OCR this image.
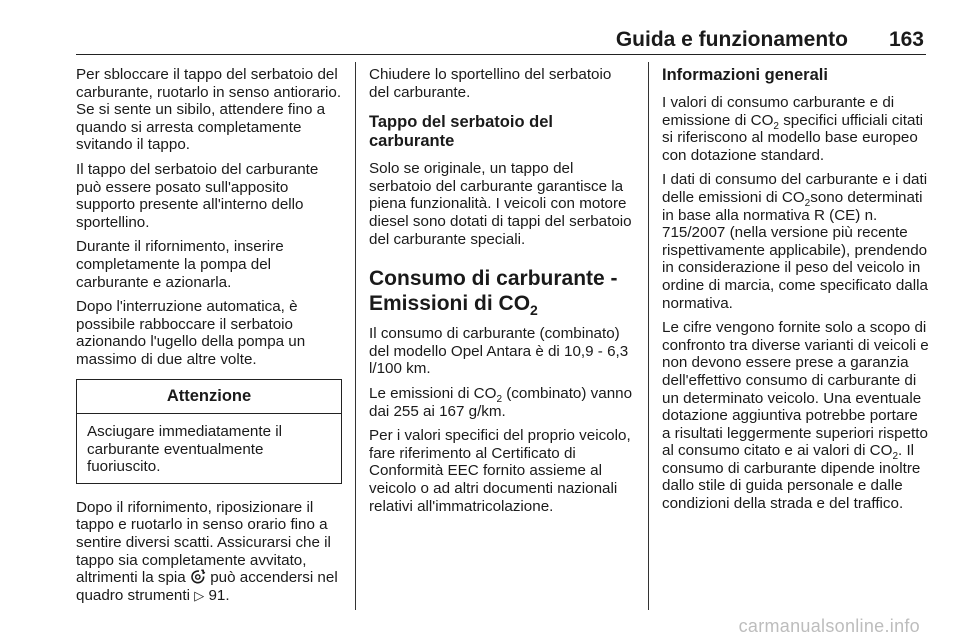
Guida e funzionamento 163

Per sbloccare il tappo del serbatoio del carburante, ruotarlo in senso antiorario. Se si sente un sibilo, attendere fino a quando si arresta completamente svitando il tappo.

Il tappo del serbatoio del carburante può essere posato sull'apposito supporto presente all'interno dello sportellino.

Durante il rifornimento, inserire completamente la pompa del carburante e azionarla.

Dopo l'interruzione automatica, è possibile rabboccare il serbatoio azionando l'ugello della pompa un massimo di due altre volte.

Attenzione
Asciugare immediatamente il carburante eventualmente fuoriuscito.

Dopo il rifornimento, riposizionare il tappo e ruotarlo in senso orario fino a sentire diversi scatti. Assicurarsi che il tappo sia completamente avvitato, altrimenti la spia può accendersi nel quadro strumenti ▷ 91.

Chiudere lo sportellino del serbatoio del carburante.

Tappo del serbatoio del carburante

Solo se originale, un tappo del serbatoio del carburante garantisce la piena funzionalità. I veicoli con motore diesel sono dotati di tappi del serbatoio del carburante speciali.

Consumo di carburante - Emissioni di $CO_2$

Il consumo di carburante (combinato) del modello Opel Antara è di 10,9 - 6,3 l/100 km.

Le emissioni di $CO_2$ (combinato) vanno dai 255 ai 167 g/km.

Per i valori specifici del proprio veicolo, fare riferimento al Certificato di Conformità EEC fornito assieme al veicolo o ad altri documenti nazionali relativi all'immatricolazione.

Informazioni generali

I valori di consumo carburante e di emissione di $CO_2$ specifici ufficiali citati si riferiscono al modello base europeo con dotazione standard.

I dati di consumo del carburante e i dati delle emissioni di $CO_2sono$ determinati in base alla normativa R (CE) n. 715/2007 (nella versione più recente rispettivamente applicabile), prendendo in considerazione il peso del veicolo in ordine di marcia, come specificato dalla normativa.

Le cifre vengono fornite solo a scopo di confronto tra diverse varianti di veicoli e non devono essere prese a garanzia dell'effettivo consumo di carburante di un determinato veicolo. Una eventuale dotazione aggiuntiva potrebbe portare a risultati leggermente superiori rispetto al consumo citato e ai valori di $CO_2$. Il consumo di carburante dipende inoltre dallo stile di guida personale e dalle condizioni della strada e del traffico.

carmanualsonline.info
